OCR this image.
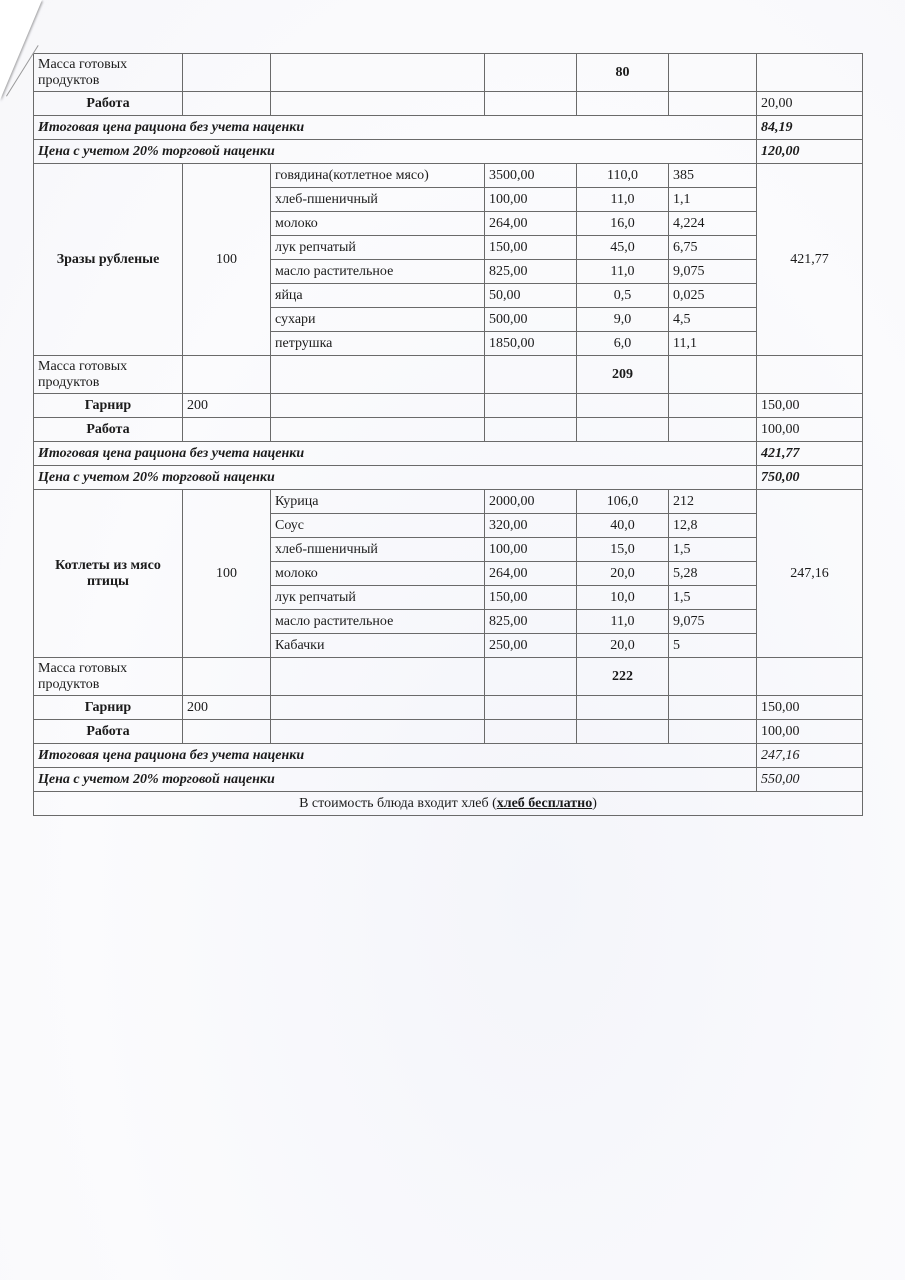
Масса готовых продуктов				80		
Работа						20,00
Итоговая цена рациона без учета наценки						84,19
Цена с учетом 20% торговой наценки						120,00
Зразы рубленые	100	говядина(котлетное мясо)	3500,00	110,0	385	421,77
		хлеб-пшеничный	100,00	11,0	1,1	
		молоко	264,00	16,0	4,224	
		лук репчатый	150,00	45,0	6,75	
		масло растительное	825,00	11,0	9,075	
		яйца	50,00	0,5	0,025	
		сухари	500,00	9,0	4,5	
		петрушка	1850,00	6,0	11,1	
Масса готовых продуктов				209		
Гарнир	200					150,00
Работа						100,00
Итоговая цена рациона без учета наценки						421,77
Цена с учетом 20% торговой наценки						750,00
Котлеты из мясо птицы	100	Курица	2000,00	106,0	212	247,16
		Соус	320,00	40,0	12,8	
		хлеб-пшеничный	100,00	15,0	1,5	
		молоко	264,00	20,0	5,28	
		лук репчатый	150,00	10,0	1,5	
		масло растительное	825,00	11,0	9,075	
		Кабачки	250,00	20,0	5	
Масса готовых продуктов				222		
Гарнир	200					150,00
Работа						100,00
Итоговая цена рациона без учета наценки						247,16
Цена с учетом 20% торговой наценки						550,00
В стоимость блюда входит хлеб (хлеб бесплатно)						
